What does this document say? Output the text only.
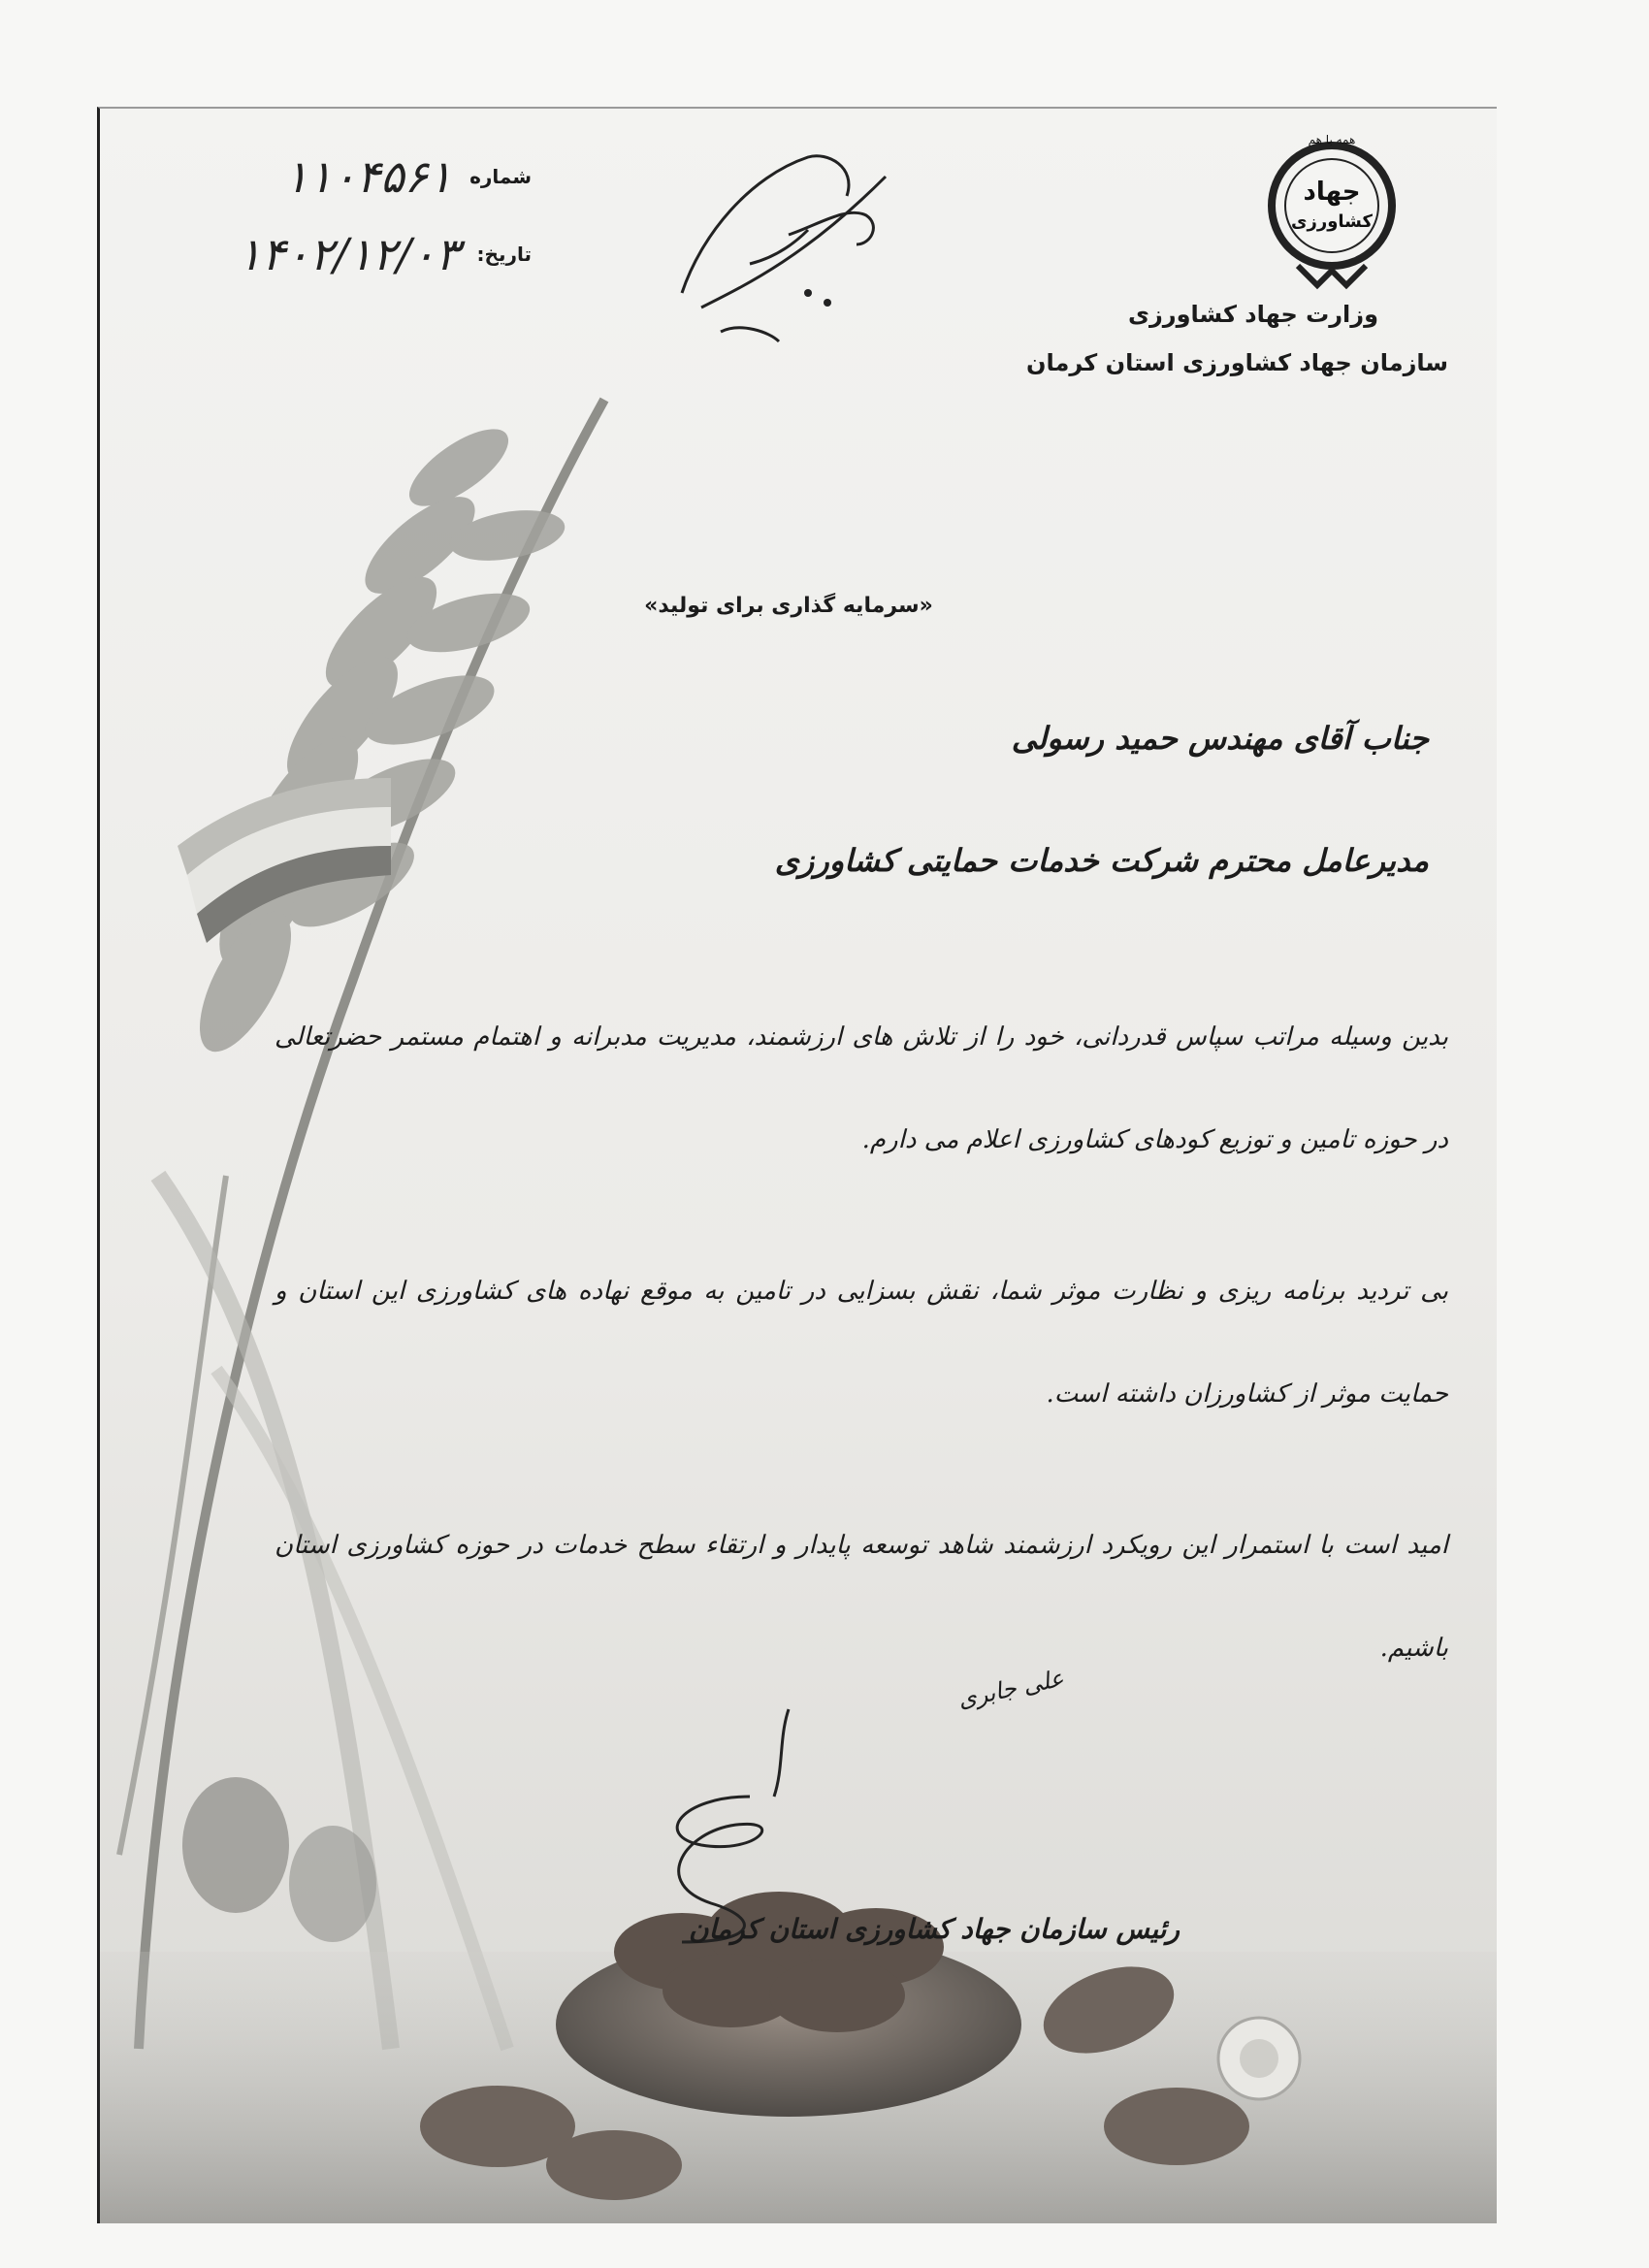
جهاد
کشاورزی
همه با هم
وزارت جهاد کشاورزی
سازمان جهاد کشاورزی استان کرمان
شماره
۱۱۰۴۵۶۱
تاریخ:
۱۴۰۲/۱۲/۰۳
«سرمایه گذاری برای تولید»
جناب آقای مهندس حمید رسولی
مدیرعامل محترم شرکت خدمات حمایتی کشاورزی

بدین وسیله مراتب سپاس قدردانی، خود را از تلاش های ارزشمند، مدیریت مدبرانه و اهتمام مستمر حضرتعالی در حوزه تامین و توزیع کودهای کشاورزی اعلام می دارم.

بی تردید برنامه ریزی و نظارت موثر شما، نقش بسزایی در تامین به موقع نهاده های کشاورزی این استان و حمایت موثر از کشاورزان داشته است.

امید است با استمرار این رویکرد ارزشمند شاهد توسعه پایدار و ارتقاء سطح خدمات در حوزه کشاورزی استان باشیم.

علی جابری
رئیس سازمان جهاد کشاورزی استان کرمان
